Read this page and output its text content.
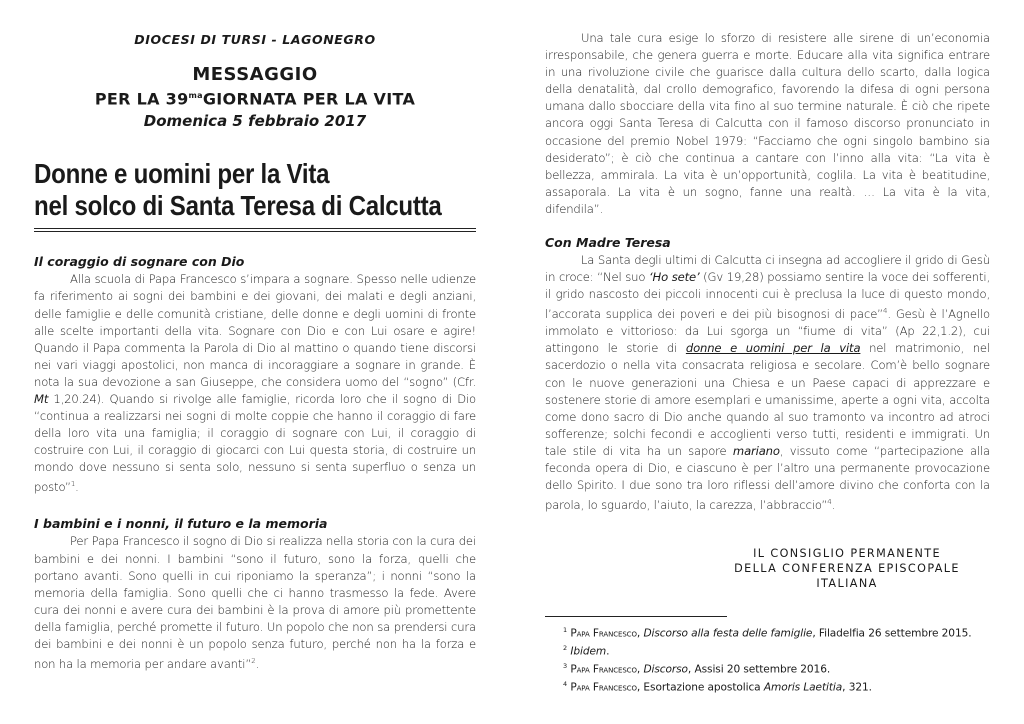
DIOCESI DI TURSI - LAGONEGRO
MESSAGGIO
PER LA $39^{ma}GIORNATA$ PER LA VITA
Domenica 5 febbraio 2017
Donne e uomini per la Vita
nel solco di Santa Teresa di Calcutta
Il coraggio di sognare con Dio

Alla scuola di Papa Francesco s’impara a sognare. Spesso nelle udienze fa riferimento ai sogni dei bambini e dei giovani, dei malati e degli anziani, delle famiglie e delle comunità cristiane, delle donne e degli uomini di fronte alle scelte importanti della vita. Sognare con Dio e con Lui osare e agire! Quando il Papa commenta la Parola di Dio al mattino o quando tiene discorsi nei vari viaggi apostolici, non manca di incoraggiare a sognare in grande. È nota la sua devozione a san Giuseppe, che considera uomo del “sogno” (Cfr. Mt 1,20.24). Quando si rivolge alle famiglie, ricorda loro che il sogno di Dio “continua a realizzarsi nei sogni di molte coppie che hanno il coraggio di fare della loro vita una famiglia; il coraggio di sognare con Lui, il coraggio di costruire con Lui, il coraggio di giocarci con Lui questa storia, di costruire un mondo dove nessuno si senta solo, nessuno si senta superfluo o senza un posto”$^1$.

I bambini e i nonni, il futuro e la memoria

Per Papa Francesco il sogno di Dio si realizza nella storia con la cura dei bambini e dei nonni. I bambini “sono il futuro, sono la forza, quelli che portano avanti. Sono quelli in cui riponiamo la speranza”; i nonni “sono la memoria della famiglia. Sono quelli che ci hanno trasmesso la fede. Avere cura dei nonni e avere cura dei bambini è la prova di amore più promettente della famiglia, perché promette il futuro. Un popolo che non sa prendersi cura dei bambini e dei nonni è un popolo senza futuro, perché non ha la forza e non ha la memoria per andare avanti”$^2$.

Una tale cura esige lo sforzo di resistere alle sirene di un’economia irresponsabile, che genera guerra e morte. Educare alla vita significa entrare in una rivoluzione civile che guarisce dalla cultura dello scarto, dalla logica della denatalità, dal crollo demografico, favorendo la difesa di ogni persona umana dallo sbocciare della vita fino al suo termine naturale. È ciò che ripete ancora oggi Santa Teresa di Calcutta con il famoso discorso pronunciato in occasione del premio Nobel 1979: “Facciamo che ogni singolo bambino sia desiderato”; è ciò che continua a cantare con l’inno alla vita: “La vita è bellezza, ammirala. La vita è un’opportunità, coglila. La vita è beatitudine, assaporala. La vita è un sogno, fanne una realtà. … La vita è la vita, difendila”.

Con Madre Teresa

La Santa degli ultimi di Calcutta ci insegna ad accogliere il grido di Gesù in croce: “Nel suo ‘Ho sete’ (Gv 19,28) possiamo sentire la voce dei sofferenti, il grido nascosto dei piccoli innocenti cui è preclusa la luce di questo mondo, l’accorata supplica dei poveri e dei più bisognosi di pace”$^4$. Gesù è l’Agnello immolato e vittorioso: da Lui sgorga un “fiume di vita” (Ap 22,1.2), cui attingono le storie di donne e uomini per la vita nel matrimonio, nel sacerdozio o nella vita consacrata religiosa e secolare. Com’è bello sognare con le nuove generazioni una Chiesa e un Paese capaci di apprezzare e sostenere storie di amore esemplari e umanissime, aperte a ogni vita, accolta come dono sacro di Dio anche quando al suo tramonto va incontro ad atroci sofferenze; solchi fecondi e accoglienti verso tutti, residenti e immigrati. Un tale stile di vita ha un sapore mariano, vissuto come “partecipazione alla feconda opera di Dio, e ciascuno è per l’altro una permanente provocazione dello Spirito. I due sono tra loro riflessi dell’amore divino che conforta con la parola, lo sguardo, l’aiuto, la carezza, l’abbraccio”$^4$.

IL CONSIGLIO PERMANENTE
DELLA CONFERENZA EPISCOPALE ITALIANA
$^1$ Papa Francesco, Discorso alla festa delle famiglie, Filadelfia 26 settembre 2015.
$^2$ Ibidem.
$^3$ Papa Francesco, Discorso, Assisi 20 settembre 2016.
$^4$ Papa Francesco, Esortazione apostolica Amoris Laetitia, 321.
